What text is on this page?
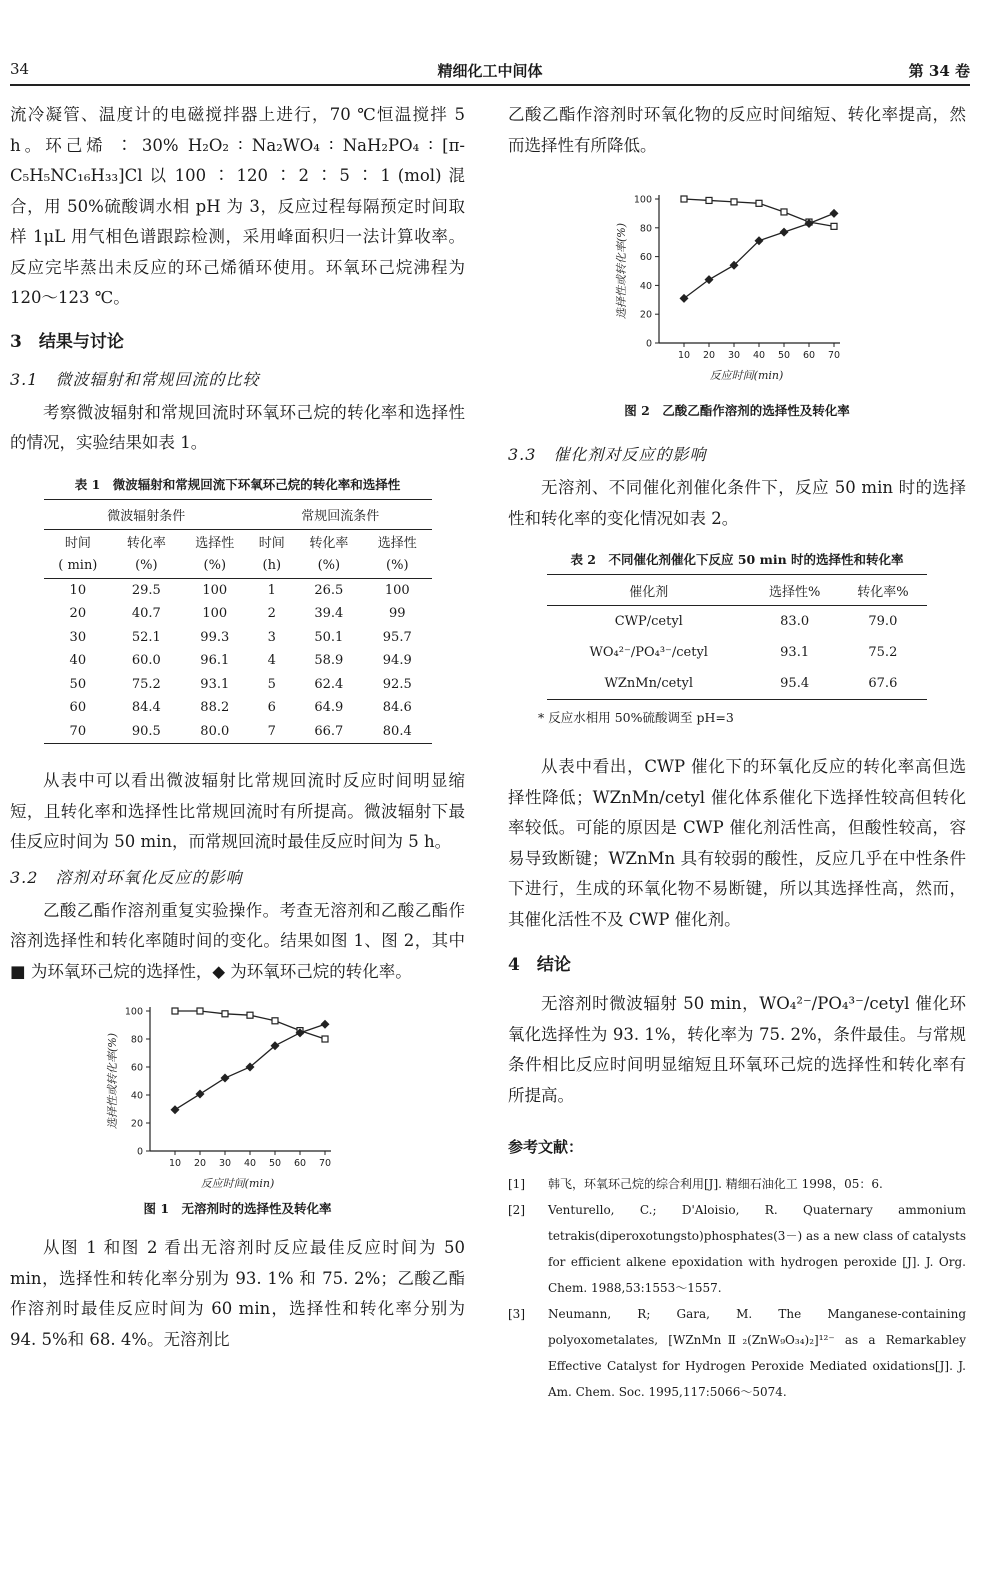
34	精细化工中间体	第 34 卷

流冷凝管、温度计的电磁搅拌器上进行，70 ℃恒温搅拌 5 h。环己烯 ∶ 30% H₂O₂ ∶ Na₂WO₄ ∶ NaH₂PO₄ ∶ [π-C₅H₅NC₁₆H₃₃]Cl 以 100 ∶ 120 ∶ 2 ∶ 5 ∶ 1 (mol) 混合，用 50%硫酸调水相 pH 为 3，反应过程每隔预定时间取样 1μL 用气相色谱跟踪检测，采用峰面积归一法计算收率。反应完毕蒸出未反应的环己烯循环使用。环氧环己烷沸程为 120～123 ℃。

3　结果与讨论
3.1　微波辐射和常规回流的比较

考察微波辐射和常规回流时环氧环己烷的转化率和选择性的情况，实验结果如表 1。

表 1　微波辐射和常规回流下环氧环己烷的转化率和选择性
微波辐射条件			常规回流条件		
时间	转化率	选择性	时间	转化率	选择性
( min)	(%)	(%)	(h)	(%)	(%)
10	29.5	100	1	26.5	100
20	40.7	100	2	39.4	99
30	52.1	99.3	3	50.1	95.7
40	60.0	96.1	4	58.9	94.9
50	75.2	93.1	5	62.4	92.5
60	84.4	88.2	6	64.9	84.6
70	90.5	80.0	7	66.7	80.4

从表中可以看出微波辐射比常规回流时反应时间明显缩短，且转化率和选择性比常规回流时有所提高。微波辐射下最佳反应时间为 50 min，而常规回流时最佳反应时间为 5 h。

3.2　溶剂对环氧化反应的影响

乙酸乙酯作溶剂重复实验操作。考查无溶剂和乙酸乙酯作溶剂选择性和转化率随时间的变化。结果如图 1、图 2，其中 ■ 为环氧环己烷的选择性，◆ 为环氧环己烷的转化率。

0
20
40
60
80
100
10 20 30 40 50 60 70
反应时间(min)
选择性或转化率(%)
图 1　无溶剂时的选择性及转化率

从图 1 和图 2 看出无溶剂时反应最佳反应时间为 50 min，选择性和转化率分别为 93. 1% 和 75. 2%；乙酸乙酯作溶剂时最佳反应时间为 60 min，选择性和转化率分别为 94. 5%和 68. 4%。无溶剂比

乙酸乙酯作溶剂时环氧化物的反应时间缩短、转化率提高，然而选择性有所降低。

0
20
40
60
80
100
10 20 30 40 50 60 70
反应时间(min)
选择性或转化率(%)
图 2　乙酸乙酯作溶剂的选择性及转化率
3.3　催化剂对反应的影响

无溶剂、不同催化剂催化条件下，反应 50 min 时的选择性和转化率的变化情况如表 2。

表 2　不同催化剂催化下反应 50 min 时的选择性和转化率
催化剂	选择性%	转化率%
CWP/cetyl	83.0	79.0
WO₄²⁻/PO₄³⁻/cetyl	93.1	75.2
WZnMn/cetyl	95.4	67.6
* 反应水相用 50%硫酸调至 pH=3

从表中看出，CWP 催化下的环氧化反应的转化率高但选择性降低；WZnMn/cetyl 催化体系催化下选择性较高但转化率较低。可能的原因是 CWP 催化剂活性高，但酸性较高，容易导致断键；WZnMn 具有较弱的酸性，反应几乎在中性条件下进行，生成的环氧化物不易断键，所以其选择性高，然而，其催化活性不及 CWP 催化剂。

4　结论

无溶剂时微波辐射 50 min，WO₄²⁻/PO₄³⁻/cetyl 催化环氧化选择性为 93. 1%，转化率为 75. 2%，条件最佳。与常规条件相比反应时间明显缩短且环氧环己烷的选择性和转化率有所提高。

参考文献：
[1]	韩飞，环氧环己烷的综合利用[J]. 精细石油化工 1998，05：6.
[2]	Venturello, C.; D'Aloisio, R. Quaternary ammonium tetrakis(diperoxotungsto)phosphates(3－) as a new class of catalysts for efficient alkene epoxidation with hydrogen peroxide [J]. J. Org. Chem. 1988,53:1553～1557.
[3]	Neumann, R; Gara, M. The Manganese-containing polyoxometalates, [WZnMnⅡ₂(ZnW₉O₃₄)₂]¹²⁻ as a Remarkabley Effective Catalyst for Hydrogen Peroxide Mediated oxidations[J]. J. Am. Chem. Soc. 1995,117:5066～5074.
